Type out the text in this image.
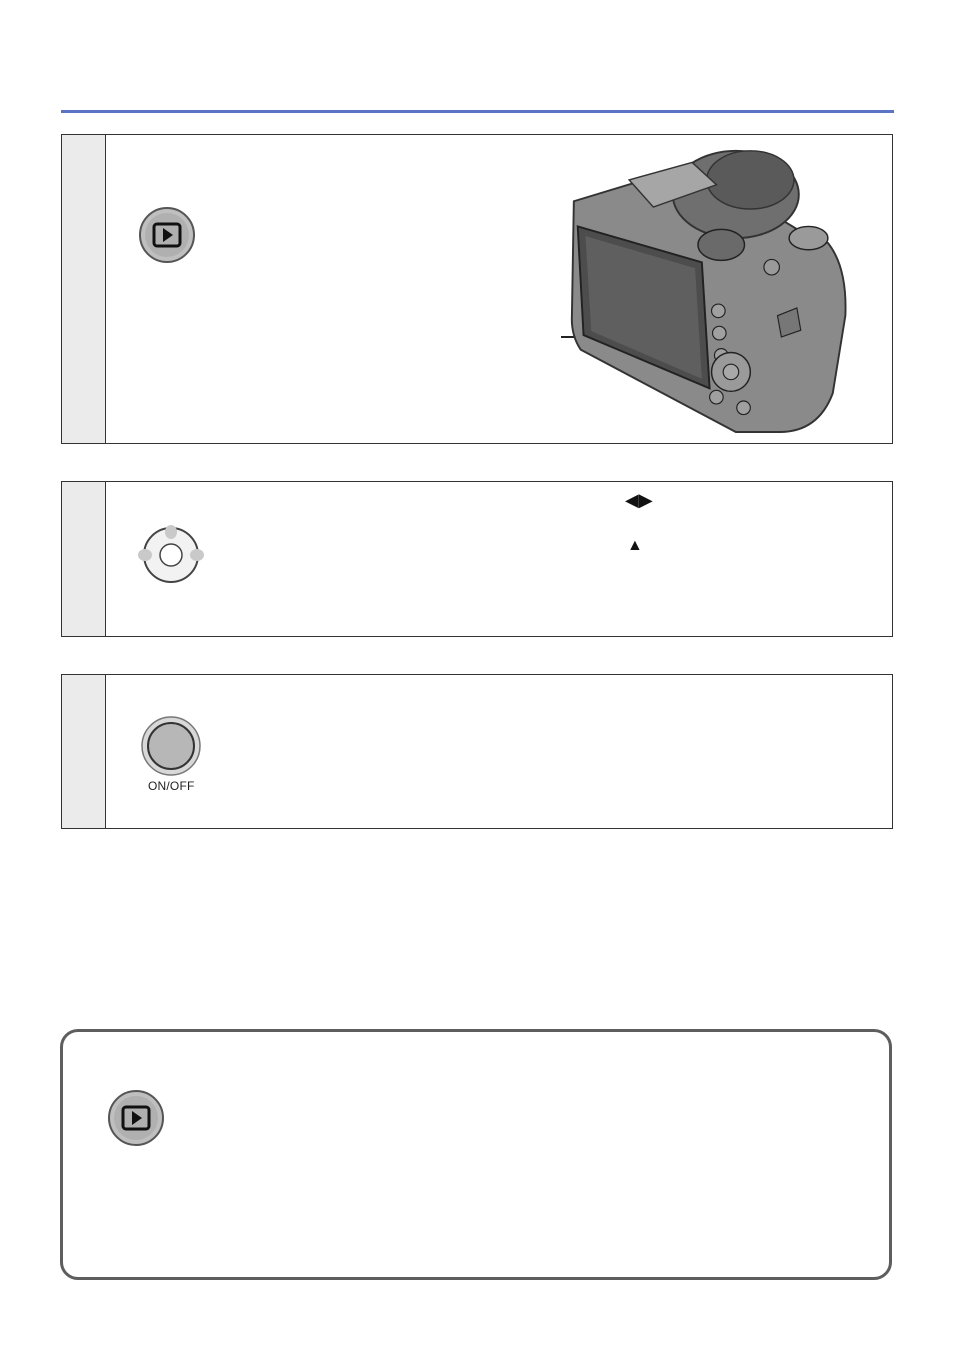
◀▶
▲
ON/OFF
